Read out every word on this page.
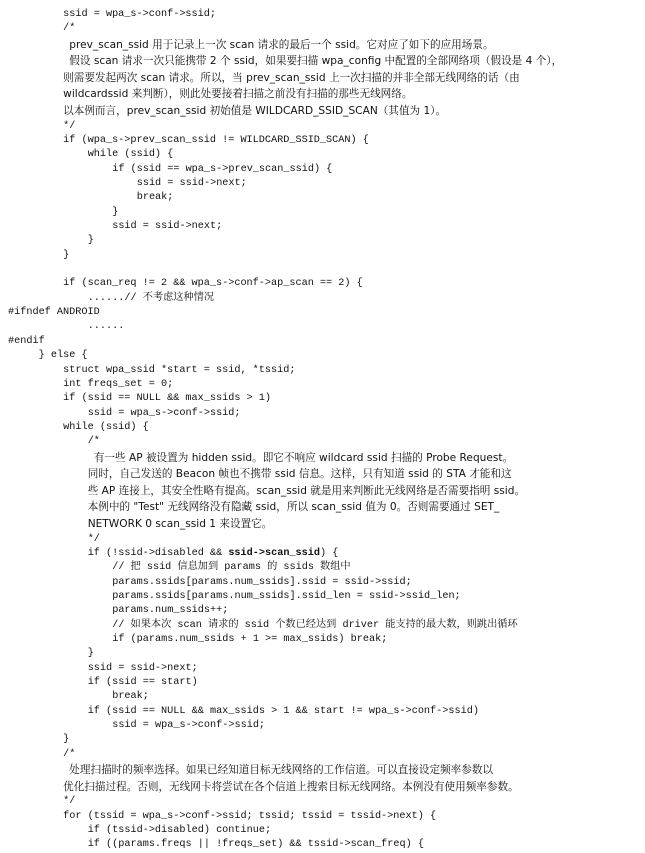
ssid = wpa_s->conf->ssid;
/*
prev_scan_ssid 用于记录上一次 scan 请求的最后一个 ssid。它对应了如下的应用场景。
假设 scan 请求一次只能携带 2 个 ssid，如果要扫描 wpa_config 中配置的全部网络项（假设是 4 个），
则需要发起两次 scan 请求。所以，当 prev_scan_ssid 上一次扫描的并非全部无线网络的话（由
wildcardssid 来判断），则此处要接着扫描之前没有扫描的那些无线网络。
以本例而言，prev_scan_ssid 初始值是 WILDCARD_SSID_SCAN（其值为 1）。
*/
if (wpa_s->prev_scan_ssid != WILDCARD_SSID_SCAN) {
while (ssid) {
if (ssid == wpa_s->prev_scan_ssid) {
ssid = ssid->next;
break;
}
ssid = ssid->next;
}
}

if (scan_req != 2 && wpa_s->conf->ap_scan == 2) {
......// 不考虑这种情况
#ifndef ANDROID
......
#endif
} else {
struct wpa_ssid *start = ssid, *tssid;
int freqs_set = 0;
if (ssid == NULL && max_ssids > 1)
ssid = wpa_s->conf->ssid;
while (ssid) {
/*
有一些 AP 被设置为 hidden ssid。即它不响应 wildcard ssid 扫描的 Probe Request。
同时，自己发送的 Beacon 帧也不携带 ssid 信息。这样，只有知道 ssid 的 STA 才能和这
些 AP 连接上，其安全性略有提高。scan_ssid 就是用来判断此无线网络是否需要指明 ssid。
本例中的 "Test" 无线网络没有隐藏 ssid，所以 scan_ssid 值为 0。否则需要通过 SET_
NETWORK 0 scan_ssid 1 来设置它。
*/
if (!ssid->disabled && ssid->scan_ssid) {
// 把 ssid 信息加到 params 的 ssids 数组中
params.ssids[params.num_ssids].ssid = ssid->ssid;
params.ssids[params.num_ssids].ssid_len = ssid->ssid_len;
params.num_ssids++;
// 如果本次 scan 请求的 ssid 个数已经达到 driver 能支持的最大数，则跳出循环
if (params.num_ssids + 1 >= max_ssids) break;
}
ssid = ssid->next;
if (ssid == start)
break;
if (ssid == NULL && max_ssids > 1 && start != wpa_s->conf->ssid)
ssid = wpa_s->conf->ssid;
}
/*
处理扫描时的频率选择。如果已经知道目标无线网络的工作信道。可以直接设定频率参数以
优化扫描过程。否则，无线网卡将尝试在各个信道上搜索目标无线网络。本例没有使用频率参数。
*/
for (tssid = wpa_s->conf->ssid; tssid; tssid = tssid->next) {
if (tssid->disabled) continue;
if ((params.freqs || !freqs_set) && tssid->scan_freq) {
